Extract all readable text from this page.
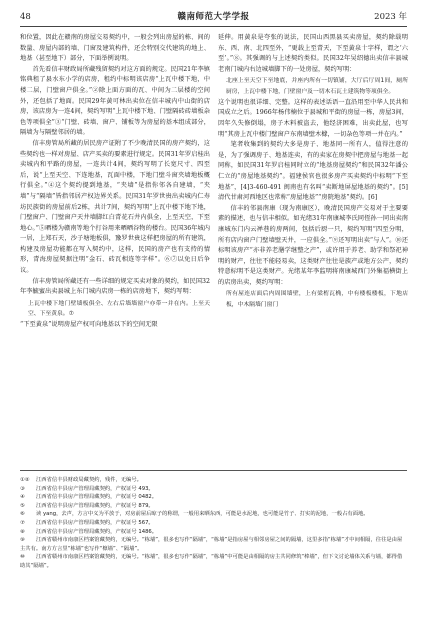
48	赣南师范大学学报	2023 年

和位置，因此在赣南的房屋交易契约中，一般会列出房屋的栋、间的数量、房屋内部的墙、门窗及建筑构件，还会特别交代建筑的地上、地基（甚至地下）部分，下面举例说明。

首先看信丰财政局所藏残留契约对这方面的规定。民国21年李镇铭典租了县水东小学的店房，租约中标明该店房“上瓦中楼下地，中楼二层，门壁窗户俱全。”②除上面方面的瓦、中间为二层楼的空间外，还包括了地面。民国29年黄可林出卖位在信丰城内中山街的店房，该店房为一连4间，契约写明“上瓦中楼下地、门壁隔砖砖墙板杂色等项俱全”③“门壁、砖墙、窗户、铺板等为房屋的基本组成部分，隔墙为与隔壁邻居的墙。

信丰房管局所藏的居民房产证附了不少晚清民国的房产契约，这些契约也一样对房屋、店产买卖的要素进行规定。民国31年罗启桂出卖城内和平路的房屋，一连共计4间，契约写明了长宽尺寸、四至后，说“上至天空、下连地基，瓦面中楼，下地门壁斗窗夹墙地板概行俱全。”④这个契约提到地基，“夹墙”是指你邻各自建墙，“夹墙”与“隔墙”皆指邻居产权边界关系。民国31年罗世贵出卖城内仁寿坊民族街的房屋前后2栋，共计7间，契约写明“上瓦中楼下地下地，门壁窗户、门壁窗户天井墙脚红白青花石井内俱全，上至天空，下至地心。”⑤晒楼为赣南等地个打谷用来晒晒谷物的楼台。民国36年城内一居，上郑石天，沙子塘地板俱，豫罗世贵这样把房屋的所有建筑，构建及房屋功能都在写入契约中，这样，民国的房产也有支持的情形，青海房屋契据注明“金石、砖瓦相连等字样”。⑥⑦以免日后争议。

信丰房管局所藏还有一些详细的规定买卖对象的契约，如民国32年李毓蜜出卖县城上东门城内店房一栋的店房地下，契约写明：

上瓦中楼下地门壁墙板俱全、左右后墙墙窗户亦带一并在内。上至天空、下至黄泉。⑦

“下至黄泉”说明房屋产权可向地基以下的空间无限

延伸。用黄泉是夸张的说法，民国山西黑县买卖房屋，契约除载明东、西、南、北四至外，“更载上至青天，下至黄泉十字样，谓之‘六至’。”⑧。其强调的与上述契约类似。民国32年吴绍德出卖信丰县城老南门城内右边城墙脚下的一处房屋，契约写明：

北座上至天空下至地底，并座内所有一切镇铺，大厅后厅周1间，厕所厨房，上瓦中楼下地，门壁窗户及一切木石瓦土建筑物等项俱全。

这个说明也很详细、完整。这样的表述话语一直沿用至中华人民共和国成立之后。1966年杨伟楠位于县城和平街的房屋一栋，房屋3间，因年久失修倒塌，房子木料被盗去，他经济困难，出卖此屋，也写明“其房上瓦中楼门壁窗户东南墙壁木橼，一切杂色等项一并在内。”

笔者收集到的契约大多是房子、地基同一所有人，值得注意的是，为了强调房子、地基连卖，有的卖家在房契中把房屋与地基一起同称，如民国31年罗启桂同时立的“地基房屋契约”和民国32年潘公仁立的“房屋地基契约”。福建侯官也很多房产买卖契约中标明“下至地基”，[4]3-460-491 闽南也有名叫“卖断地屏屋地基的契约”。[5]清代甘肃河西地区也常称“房屋地基”“房院地基”契约。[6]

信丰的邻县南康（现为南康区），晚清民国房产交易对于主要要素的描述，也与信丰相似。如光绪31年南康城李氏同侄孙一同出卖南康城东门内云禅巷的房两间，包括后厨一只，契约写明“四至分明，所有店内窗户门壁墙壁天井，一应俱全。”⑨还写明出卖“与人”。⑩还标明该房产“亦非养老膳学继整之产”，或许用于养老、助学和祭祀神明的财产，往往不能轻易卖，这类财产往往是族产或地方公产，契约特意标明不是这类财产。光绪某年李监明将南康城西门外集福横街上的店房出卖，契约写明：

所有屋连店面后内周围墙壁，上有梁桁瓦桷，中有楼板楼板，下地店板，中木隔墙门窗门

①② 江西省信丰县财政局藏契约，残件，无编号。
③ 江西省信丰县房产管理局藏契约，产权证号 493。
④ 江西省信丰县房产管理局藏契约，产权证号 0482。
⑤ 江西省信丰县房产管理局藏契约，产权证号 879。
⑥ 读 yang，去声，方言中义为平放于，对房前屋后晾子的称谓，一般用来晒东西，可能是水泥地，也可能是竹子、打实的泥地，一般占有面地。
⑦ 江西省信丰县房产管理局藏契约，产权证号 567。
⑧ 江西省信丰县房产管理局藏契约，产权证号 1486。
⑨ 江西省赣州市南康区档案馆藏契约，无编号。“栋墙”，很多也写作“隔墙”，“栋墙”是指房屋与相邻房屋之间的隔墙，这里多指“栋墙”才中间相隔，往往是由屋主共有。南方方言里“栋墙”也写作“檩墙”、“隔墙”。
⑩ 江西省赣州市南康区档案馆藏契约，无编号。“栋墙”，很多也写作“隔墙”，“栋墙”中可能是由相隔的房主共同修筑“棒墙”，但下文讨论墙体关系与墙，都得借助其“隔墙”。
